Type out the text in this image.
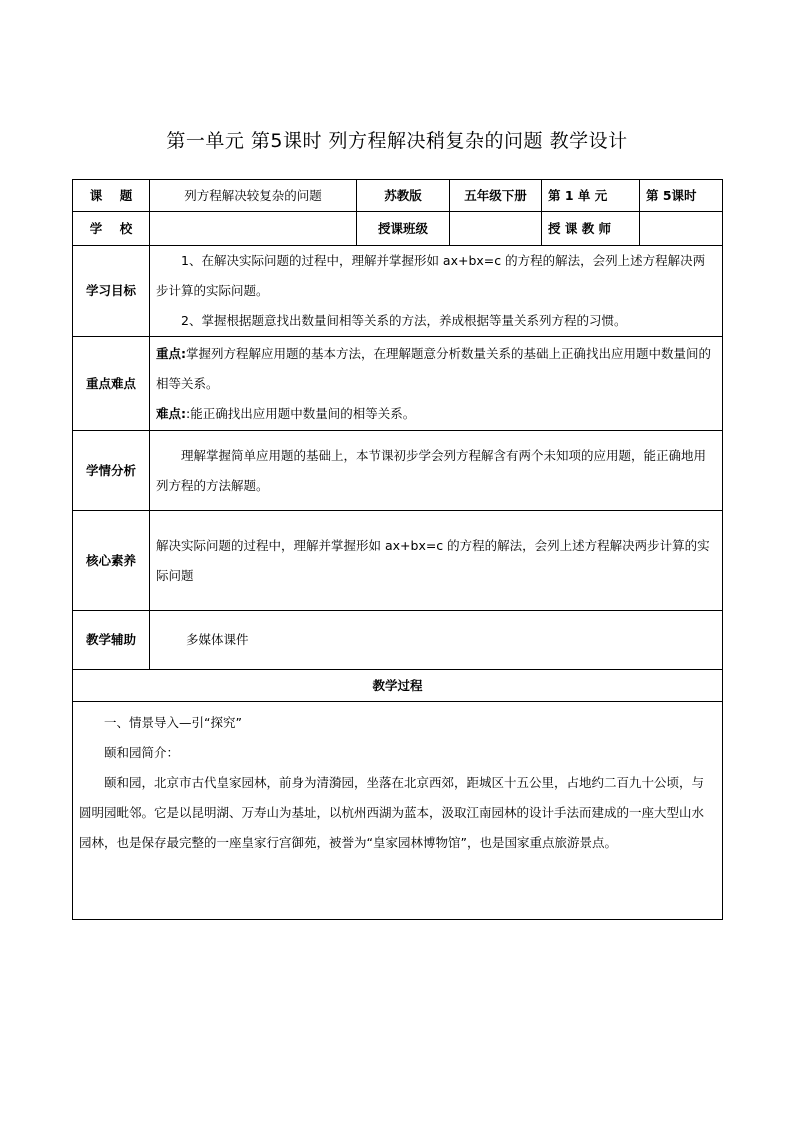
第一单元 第5课时 列方程解决稍复杂的问题 教学设计
课    题	列方程解决较复杂的问题	苏教版	五年级下册	第 1 单 元	第 5课时
学    校		授课班级		授 课 教 师	
学习目标	1、在解决实际问题的过程中，理解并掌握形如 ax+bx=c 的方程的解法，会列上述方程解决两步计算的实际问题。

2、掌握根据题意找出数量间相等关系的方法，养成根据等量关系列方程的习惯。				

重点难点	重点:掌握列方程解应用题的基本方法，在理解题意分析数量关系的基础上正确找出应用题中数量间的相等关系。

难点::能正确找出应用题中数量间的相等关系。				

学情分析	理解掌握简单应用题的基础上，本节课初步学会列方程解含有两个未知项的应用题，能正确地用列方程的方法解题。				

核心素养	解决实际问题的过程中，理解并掌握形如 ax+bx=c 的方程的解法，会列上述方程解决两步计算的实际问题				

教学辅助	多媒体课件				
教学过程					

一、情景导入—引“探究”

颐和园简介：

颐和园，北京市古代皇家园林，前身为清漪园，坐落在北京西郊，距城区十五公里，占地约二百九十公顷，与圆明园毗邻。它是以昆明湖、万寿山为基址，以杭州西湖为蓝本，汲取江南园林的设计手法而建成的一座大型山水园林，也是保存最完整的一座皇家行宫御苑，被誉为“皇家园林博物馆”，也是国家重点旅游景点。					
